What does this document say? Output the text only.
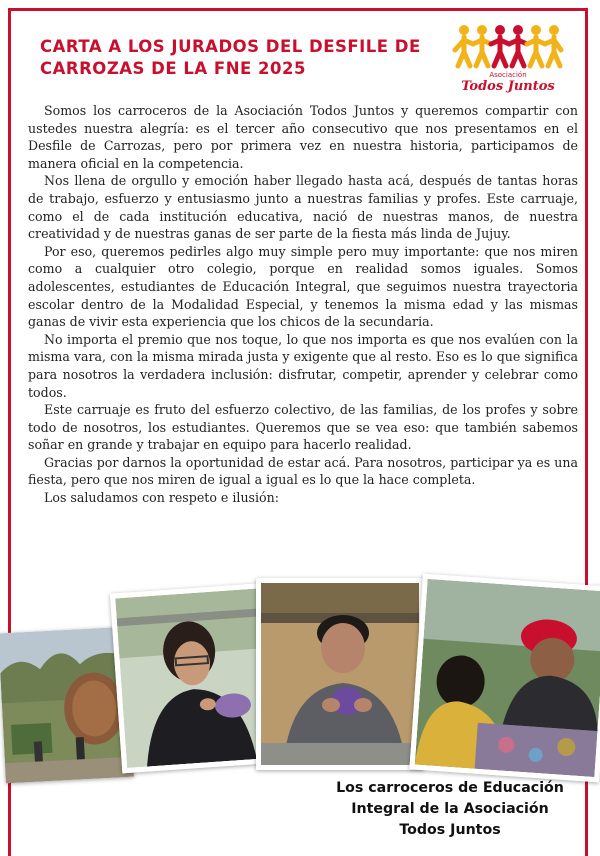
CARTA A LOS JURADOS DEL DESFILE DE
CARROZAS DE LA FNE 2025	Asociación
Todos Juntos

Somos los carroceros de la Asociación Todos Juntos y queremos compartir con ustedes nuestra alegría: es el tercer año consecutivo que nos presentamos en el Desfile de Carrozas, pero por primera vez en nuestra historia, participamos de manera oficial en la competencia.

Nos llena de orgullo y emoción haber llegado hasta acá, después de tantas horas de trabajo, esfuerzo y entusiasmo junto a nuestras familias y profes. Este carruaje, como el de cada institución educativa, nació de nuestras manos, de nuestra creatividad y de nuestras ganas de ser parte de la fiesta más linda de Jujuy.

Por eso, queremos pedirles algo muy simple pero muy importante: que nos miren como a cualquier otro colegio, porque en realidad somos iguales. Somos adolescentes, estudiantes de Educación Integral, que seguimos nuestra trayectoria escolar dentro de la Modalidad Especial, y tenemos la misma edad y las mismas ganas de vivir esta experiencia que los chicos de la secundaria.

No importa el premio que nos toque, lo que nos importa es que nos evalúen con la misma vara, con la misma mirada justa y exigente que al resto. Eso es lo que significa para nosotros la verdadera inclusión: disfrutar, competir, aprender y celebrar como todos.

Este carruaje es fruto del esfuerzo colectivo, de las familias, de los profes y sobre todo de nosotros, los estudiantes. Queremos que se vea eso: que también sabemos soñar en grande y trabajar en equipo para hacerlo realidad.

Gracias por darnos la oportunidad de estar acá. Para nosotros, participar ya es una fiesta, pero que nos miren de igual a igual es lo que la hace completa.

Los saludamos con respeto e ilusión:

Los carroceros de Educación
Integral de la Asociación
Todos Juntos
